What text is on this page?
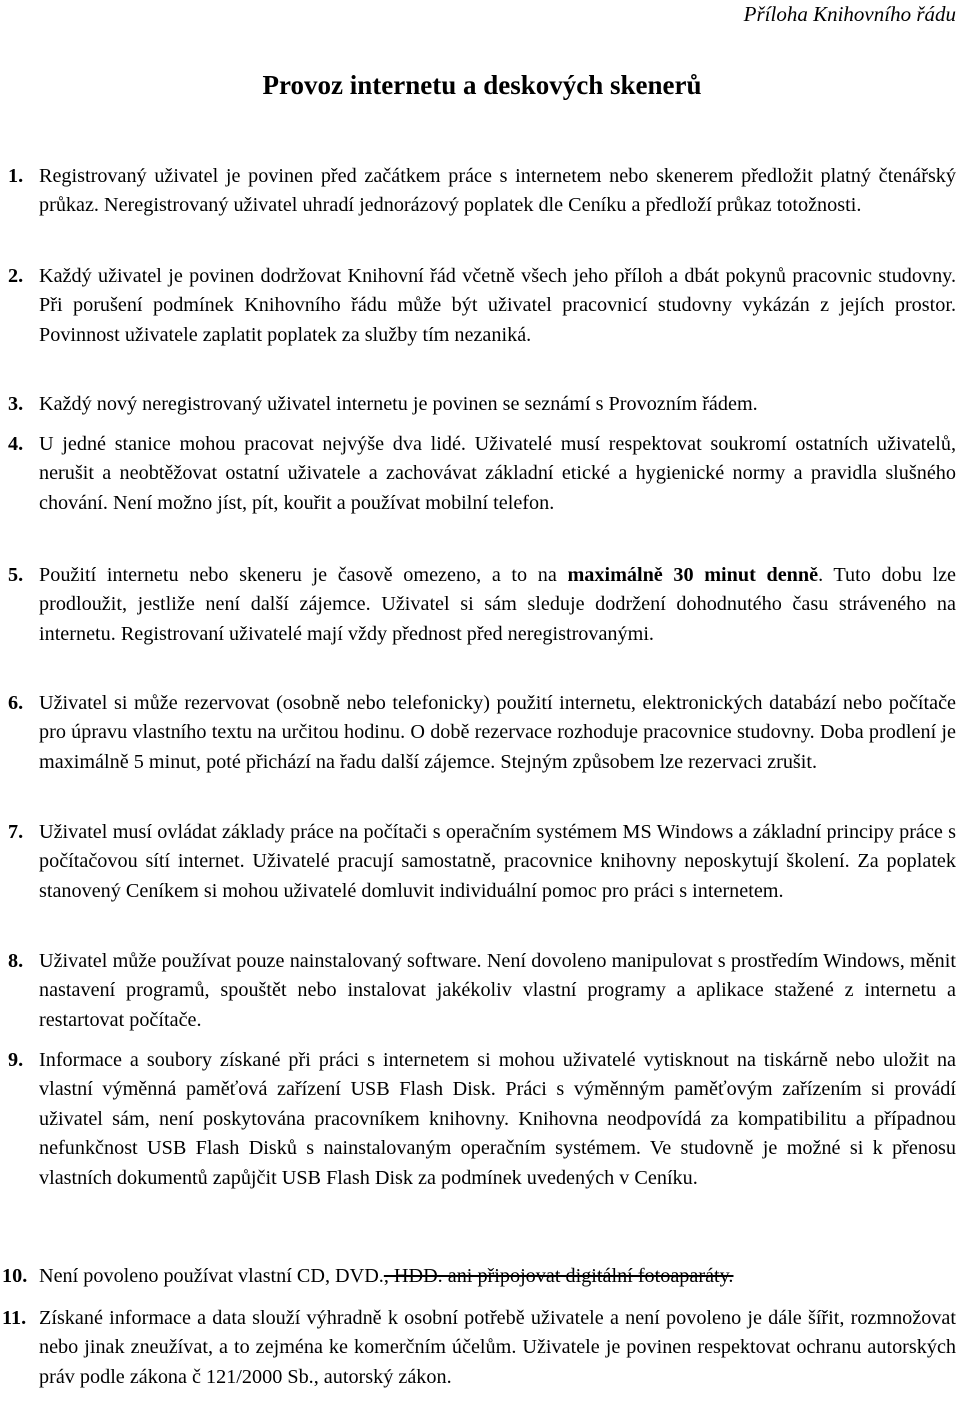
Příloha Knihovního řádu
Provoz internetu a deskových skenerů
1. Registrovaný uživatel je povinen před začátkem práce s internetem nebo skenerem předložit platný čtenářský průkaz. Neregistrovaný uživatel uhradí jednorázový poplatek dle Ceníku a předloží průkaz totožnosti.
2. Každý uživatel je povinen dodržovat Knihovní řád včetně všech jeho příloh a dbát pokynů pracovnic studovny. Při porušení podmínek Knihovního řádu může být uživatel pracovnicí studovny vykázán z jejích prostor. Povinnost uživatele zaplatit poplatek za služby tím nezaniká.
3. Každý nový neregistrovaný uživatel internetu je povinen se seznámí s Provozním řádem.
4. U jedné stanice mohou pracovat nejvýše dva lidé. Uživatelé musí respektovat soukromí ostatních uživatelů, nerušit a neobtěžovat ostatní uživatele a zachovávat základní etické a hygienické normy a pravidla slušného chování. Není možno jíst, pít, kouřit a používat mobilní telefon.
5. Použití internetu nebo skeneru je časově omezeno, a to na maximálně 30 minut denně. Tuto dobu lze prodloužit, jestliže není další zájemce. Uživatel si sám sleduje dodržení dohodnutého času stráveného na internetu. Registrovaní uživatelé mají vždy přednost před neregistrovanými.
6. Uživatel si může rezervovat (osobně nebo telefonicky) použití internetu, elektronických databází nebo počítače pro úpravu vlastního textu na určitou hodinu. O době rezervace rozhoduje pracovnice studovny. Doba prodlení je maximálně 5 minut, poté přichází na řadu další zájemce. Stejným způsobem lze rezervaci zrušit.
7. Uživatel musí ovládat základy práce na počítači s operačním systémem MS Windows a základní principy práce s počítačovou sítí internet. Uživatelé pracují samostatně, pracovnice knihovny neposkytují školení. Za poplatek stanovený Ceníkem si mohou uživatelé domluvit individuální pomoc pro práci s internetem.
8. Uživatel může používat pouze nainstalovaný software. Není dovoleno manipulovat s prostředím Windows, měnit nastavení programů, spouštět nebo instalovat jakékoliv vlastní programy a aplikace stažené z internetu a restartovat počítače.
9. Informace a soubory získané při práci s internetem si mohou uživatelé vytisknout na tiskárně nebo uložit na vlastní výměnná paměťová zařízení USB Flash Disk. Práci s výměnným paměťovým zařízením si provádí uživatel sám, není poskytována pracovníkem knihovny. Knihovna neodpovídá za kompatibilitu a případnou nefunkčnost USB Flash Disků s nainstalovaným operačním systémem. Ve studovně je možné si k přenosu vlastních dokumentů zapůjčit USB Flash Disk za podmínek uvedených v Ceníku.
10. Není povoleno používat vlastní CD, DVD., HDD. ani připojovat digitální fotoaparáty.
11. Získané informace a data slouží výhradně k osobní potřebě uživatele a není povoleno je dále šířit, rozmnožovat nebo jinak zneužívat, a to zejména ke komerčním účelům. Uživatele je povinen respektovat ochranu autorských práv podle zákona č 121/2000 Sb., autorský zákon.
